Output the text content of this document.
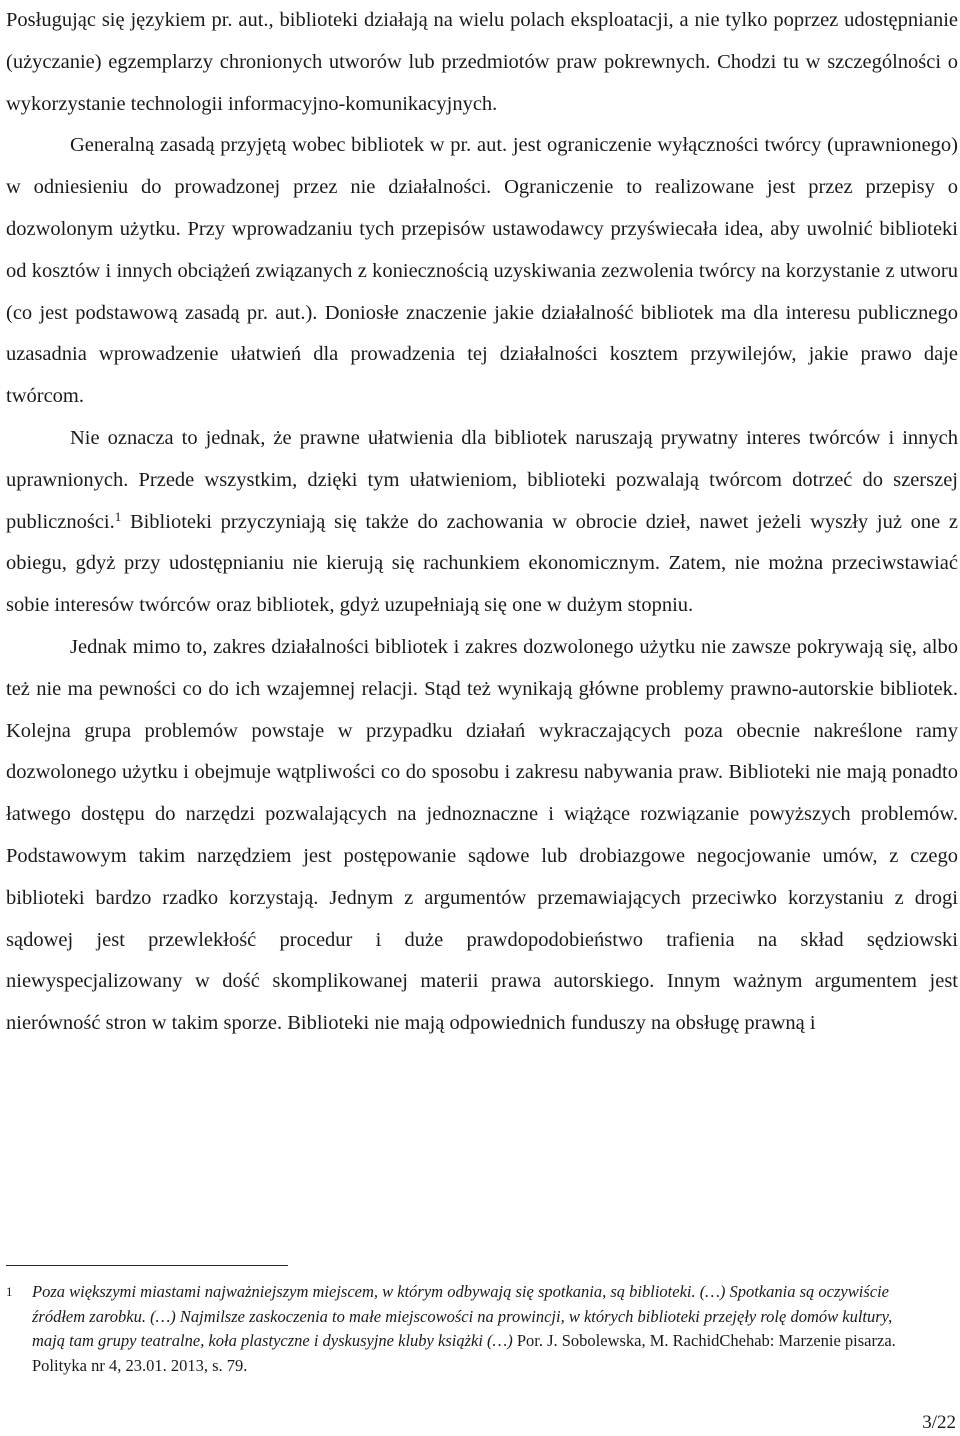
Posługując się językiem pr. aut., biblioteki działają na wielu polach eksploatacji, a nie tylko poprzez udostępnianie (użyczanie) egzemplarzy chronionych utworów lub przedmiotów praw pokrewnych. Chodzi tu w szczególności o wykorzystanie technologii informacyjno-komunikacyjnych.

Generalną zasadą przyjętą wobec bibliotek w pr. aut. jest ograniczenie wyłączności twórcy (uprawnionego) w odniesieniu do prowadzonej przez nie działalności. Ograniczenie to realizowane jest przez przepisy o dozwolonym użytku. Przy wprowadzaniu tych przepisów ustawodawcy przyświecała idea, aby uwolnić biblioteki od kosztów i innych obciążeń związanych z koniecznością uzyskiwania zezwolenia twórcy na korzystanie z utworu (co jest podstawową zasadą pr. aut.). Doniosłe znaczenie jakie działalność bibliotek ma dla interesu publicznego uzasadnia wprowadzenie ułatwień dla prowadzenia tej działalności kosztem przywilejów, jakie prawo daje twórcom.

Nie oznacza to jednak, że prawne ułatwienia dla bibliotek naruszają prywatny interes twórców i innych uprawnionych. Przede wszystkim, dzięki tym ułatwieniom, biblioteki pozwalają twórcom dotrzeć do szerszej publiczności.$^1$ Biblioteki przyczyniają się także do zachowania w obrocie dzieł, nawet jeżeli wyszły już one z obiegu, gdyż przy udostępnianiu nie kierują się rachunkiem ekonomicznym. Zatem, nie można przeciwstawiać sobie interesów twórców oraz bibliotek, gdyż uzupełniają się one w dużym stopniu.

Jednak mimo to, zakres działalności bibliotek i zakres dozwolonego użytku nie zawsze pokrywają się, albo też nie ma pewności co do ich wzajemnej relacji. Stąd też wynikają główne problemy prawno-autorskie bibliotek. Kolejna grupa problemów powstaje w przypadku działań wykraczających poza obecnie nakreślone ramy dozwolonego użytku i obejmuje wątpliwości co do sposobu i zakresu nabywania praw. Biblioteki nie mają ponadto łatwego dostępu do narzędzi pozwalających na jednoznaczne i wiążące rozwiązanie powyższych problemów. Podstawowym takim narzędziem jest postępowanie sądowe lub drobiazgowe negocjowanie umów, z czego biblioteki bardzo rzadko korzystają. Jednym z argumentów przemawiających przeciwko korzystaniu z drogi sądowej jest przewlekłość procedur i duże prawdopodobieństwo trafienia na skład sędziowski niewyspecjalizowany w dość skomplikowanej materii prawa autorskiego. Innym ważnym argumentem jest nierówność stron w takim sporze. Biblioteki nie mają odpowiednich funduszy na obsługę prawną i

1 Poza większymi miastami najważniejszym miejscem, w którym odbywają się spotkania, są biblioteki. (…) Spotkania są oczywiście źródłem zarobku. (…) Najmilsze zaskoczenia to małe miejscowości na prowincji, w których biblioteki przejęły rolę domów kultury, mają tam grupy teatralne, koła plastyczne i dyskusyjne kluby książki (…) Por. J. Sobolewska, M. RachidChehab: Marzenie pisarza. Polityka nr 4, 23.01. 2013, s. 79.
3/22
